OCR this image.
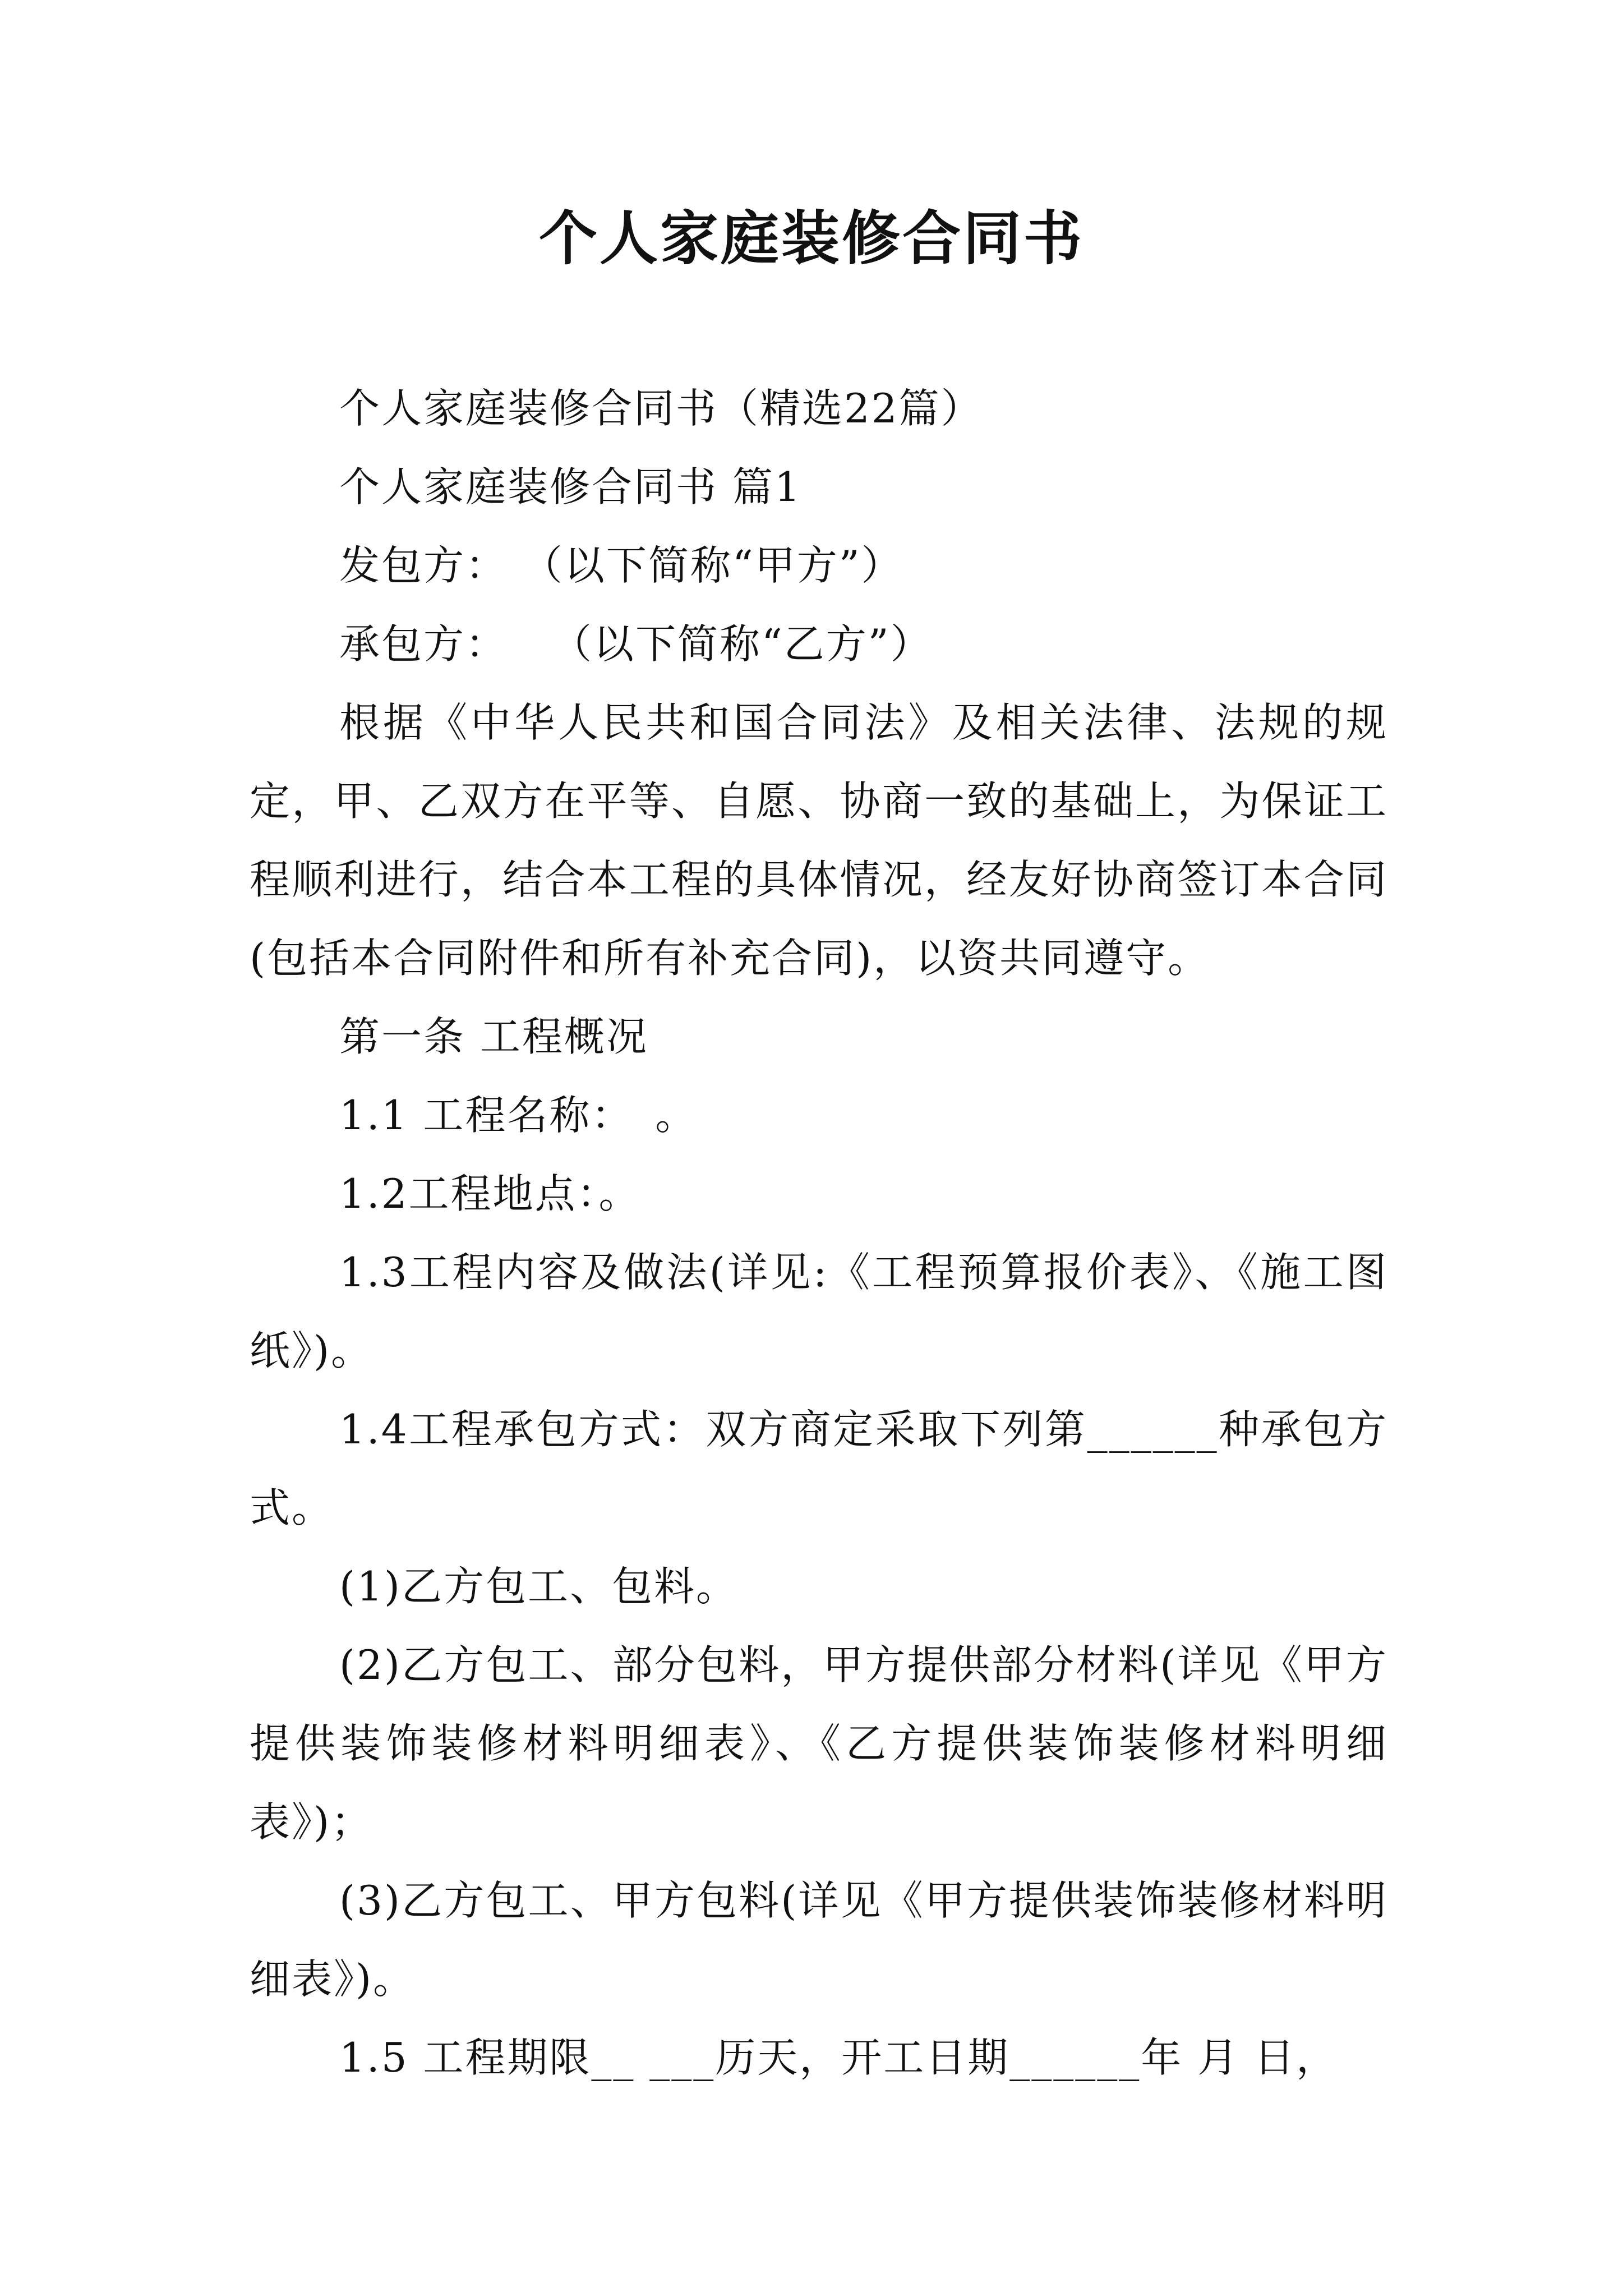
个人家庭装修合同书

个人家庭装修合同书（精选22篇）

个人家庭装修合同书 篇1

发包方： （以下简称“甲方”）

承包方：　　（以下简称“乙方”）

根据《中华人民共和国合同法》及相关法律、法规的规定，甲、乙双方在平等、自愿、协商一致的基础上，为保证工程顺利进行，结合本工程的具体情况，经友好协商签订本合同(包括本合同附件和所有补充合同)，以资共同遵守。

第一条 工程概况

1.1 工程名称：　。

1.2工程地点：。

1.3工程内容及做法(详见:《工程预算报价表》、《施工图纸》)。

1.4工程承包方式：双方商定采取下列第______种承包方式。

(1)乙方包工、包料。

(2)乙方包工、部分包料，甲方提供部分材料(详见《甲方提供装饰装修材料明细表》、《乙方提供装饰装修材料明细表》)；

(3)乙方包工、甲方包料(详见《甲方提供装饰装修材料明细表》)。

1.5 工程期限__ ___历天，开工日期______年 月 日，
